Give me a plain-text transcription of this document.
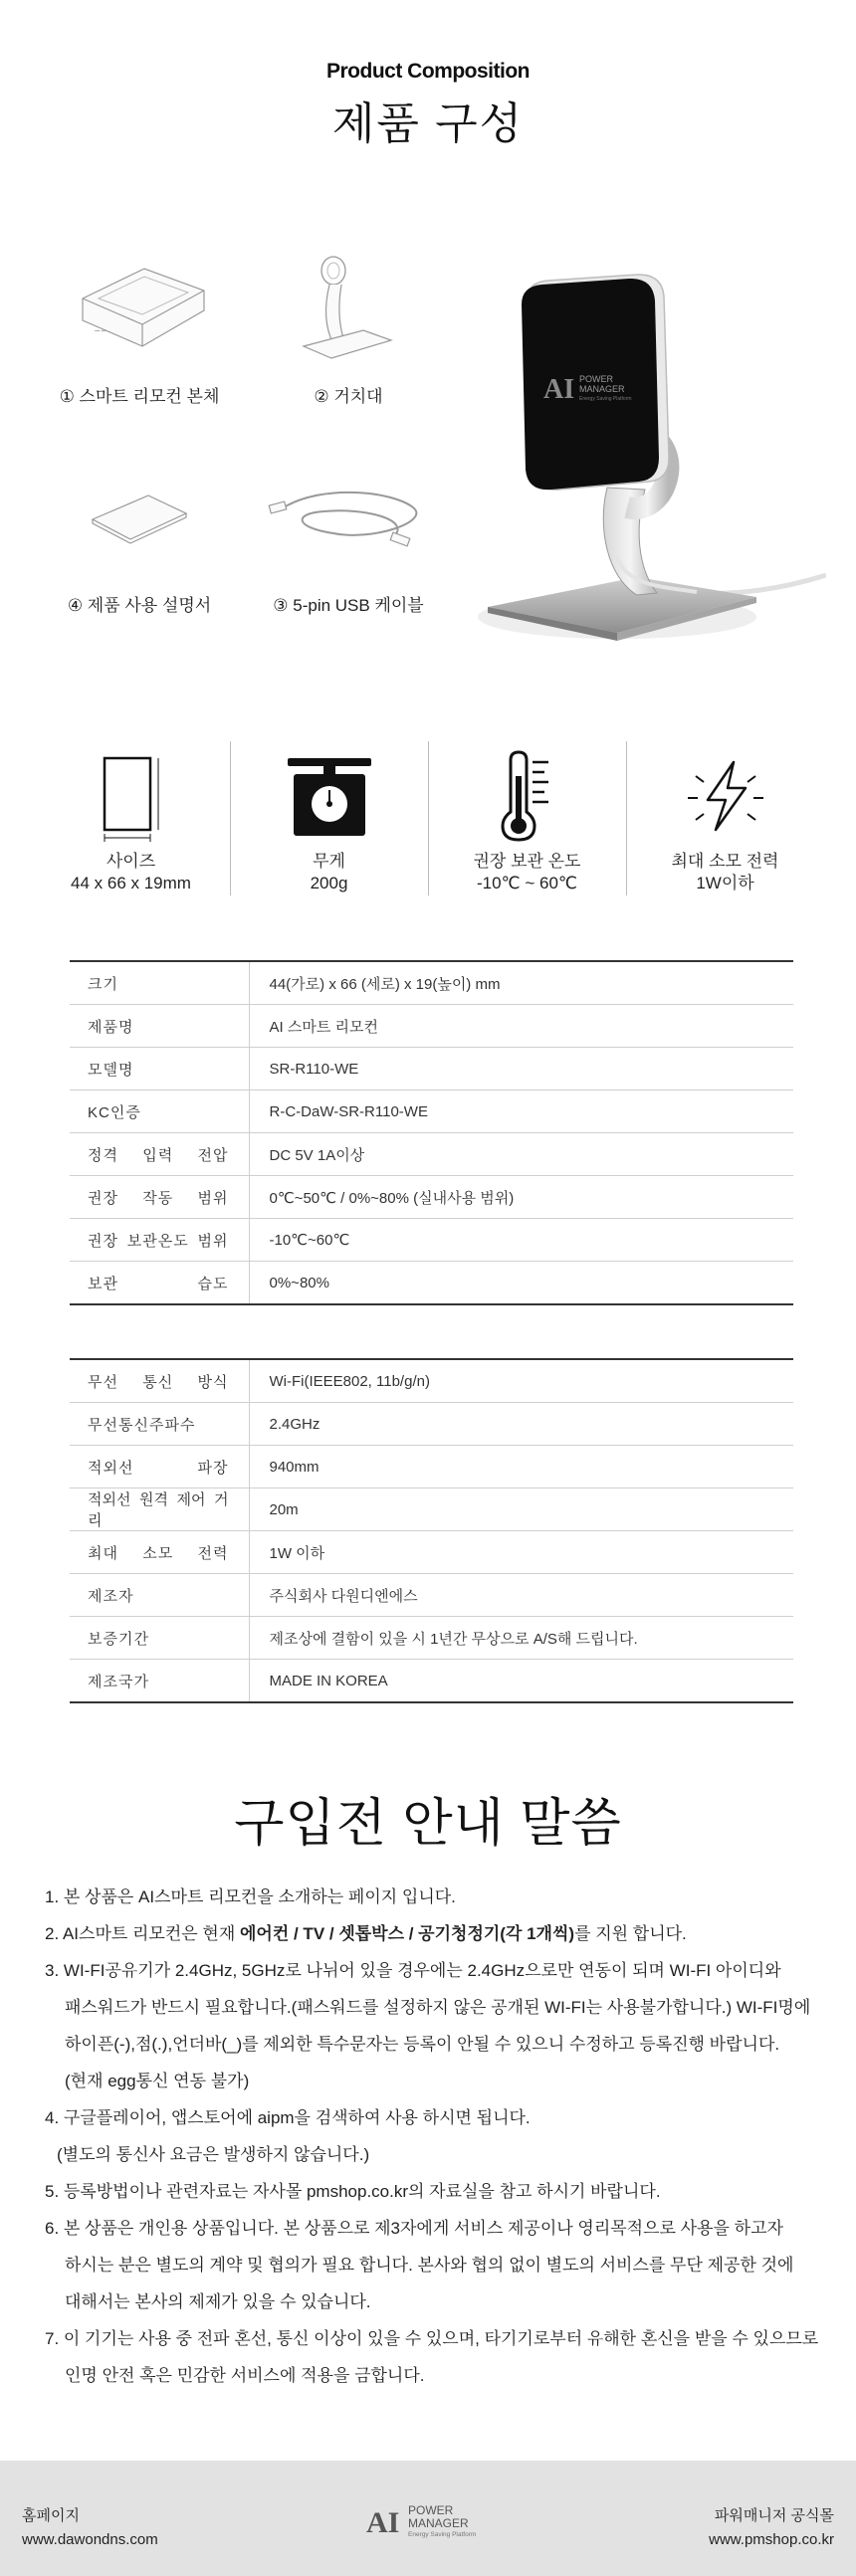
Product Composition
제품 구성
▪▪▪ ▪▪▪
① 스마트 리모컨 본체	② 거치대
④ 제품 사용 설명서	③ 5-pin USB 케이블
AI POWER
MANAGER
Energy Saving Platform
사이즈
44 x 66 x 19mm
무게
200g
권장 보관 온도
-10℃ ~ 60℃
최대 소모 전력
1W이하
크기	44(가로) x 66 (세로) x 19(높이) mm
제품명	AI 스마트 리모컨
모델명	SR-R110-WE
KC인증	R-C-DaW-SR-R110-WE
정격 입력 전압	DC 5V 1A이상
권장 작동 범위	0℃~50℃ / 0%~80% (실내사용 범위)
권장 보관온도 범위	-10℃~60℃
보관 습도	0%~80%
무선 통신 방식	Wi-Fi(IEEE802, 11b/g/n)
무선통신주파수	2.4GHz
적외선 파장	940mm
적외선 원격 제어 거리	20m
최대 소모 전력	1W 이하
제조자	주식회사 다원디엔에스
보증기간	제조상에 결함이 있을 시 1년간 무상으로 A/S해 드립니다.
제조국가	MADE IN KOREA
구입전 안내 말씀
1. 본 상품은 AI스마트 리모컨을 소개하는 페이지 입니다.
2. AI스마트 리모컨은 현재 에어컨 / TV / 셋톱박스 / 공기청정기(각 1개씩)를 지원 합니다.
3. WI-FI공유기가 2.4GHz, 5GHz로 나뉘어 있을 경우에는 2.4GHz으로만 연동이 되며 WI-FI 아이디와
패스워드가 반드시 필요합니다.(패스워드를 설정하지 않은 공개된 WI-FI는 사용불가합니다.) WI-FI명에
하이픈(-),점(.),언더바(_)를 제외한 특수문자는 등록이 안될 수 있으니 수정하고 등록진행 바랍니다.
(현재 egg통신 연동 불가)
4. 구글플레이어, 앱스토어에 aipm을 검색하여 사용 하시면 됩니다.
(별도의 통신사 요금은 발생하지 않습니다.)
5. 등록방법이나 관련자료는 자사몰 pmshop.co.kr의 자료실을 참고 하시기 바랍니다.
6. 본 상품은 개인용 상품입니다. 본 상품으로 제3자에게 서비스 제공이나 영리목적으로 사용을 하고자
하시는 분은 별도의 계약 및 협의가 필요 합니다. 본사와 협의 없이 별도의 서비스를 무단 제공한 것에
대해서는 본사의 제제가 있을 수 있습니다.
7. 이 기기는 사용 중 전파 혼선, 통신 이상이 있을 수 있으며, 타기기로부터 유해한 혼신을 받을 수 있으므로
인명 안전 혹은 민감한 서비스에 적용을 금합니다.
홈페이지
www.dawondns.com
AI POWER
MANAGER
Energy Saving Platform
파워매니저 공식몰
www.pmshop.co.kr
